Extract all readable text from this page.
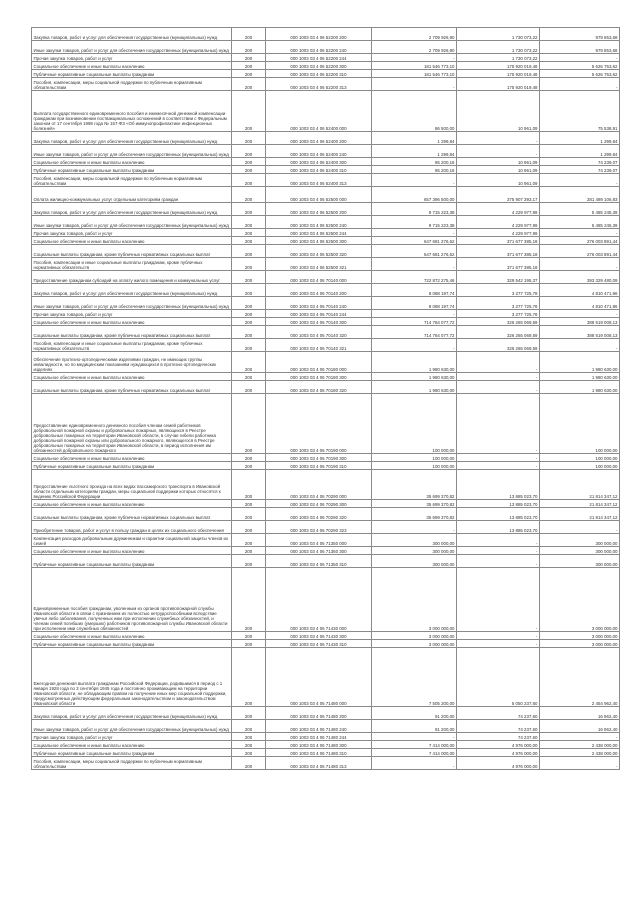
Закупка товаров, работ и услуг для обеспечения государственных (муниципальных) нужд	200	000 1003 03 4 06 52200 200	2 709 926,90	1 730 073,22	979 853,68
Иные закупки товаров, работ и услуг для обеспечения государственных (муниципальных) нужд	200	000 1003 03 4 06 52200 240	2 709 926,90	1 730 073,22	979 853,68
Прочая закупка товаров, работ и услуг	200	000 1003 03 4 06 52200 244	-	1 730 073,22	-
Социальное обеспечение и иные выплаты населению	200	000 1003 03 4 06 52200 300	181 546 773,10	175 920 019,48	5 626 753,62
Публичные нормативные социальные выплаты гражданам	200	000 1003 03 4 06 52200 310	181 546 773,10	175 920 019,48	5 626 753,62
Пособия, компенсации, меры социальной поддержки по публичным нормативным обязательствам	200	000 1003 03 4 06 52200 313	-	175 920 019,48	-
Выплата государственного единовременного пособия и ежемесячной денежной компенсации гражданам при возникновении поствакцинальных осложнений в соответствии с Федеральным законом от 17 сентября 1998 года № 157-ФЗ «Об иммунопрофилактике инфекционных болезней»	200	000 1003 03 4 06 52400 000	86 500,00	10 961,09	75 538,91
Закупка товаров, работ и услуг для обеспечения государственных (муниципальных) нужд	200	000 1003 03 4 06 52400 200	1 299,84	-	1 299,84
Иные закупки товаров, работ и услуг для обеспечения государственных (муниципальных) нужд	200	000 1003 03 4 06 52400 240	1 299,84	-	1 299,84
Социальное обеспечение и иные выплаты населению	200	000 1003 03 4 06 52400 300	85 200,16	10 961,09	74 239,07
Публичные нормативные социальные выплаты гражданам	200	000 1003 03 4 06 52400 310	85 200,16	10 961,09	74 239,07
Пособия, компенсации, меры социальной поддержки по публичным нормативным обязательствам	200	000 1003 03 4 06 52400 313	-	10 961,09	-
Оплата жилищно-коммунальных услуг отдельным категориям граждан	200	000 1003 03 4 06 52500 000	657 396 500,00	375 907 393,17	281 489 106,83
Закупка товаров, работ и услуг для обеспечения государственных (муниципальных) нужд	200	000 1003 03 4 06 52500 200	9 715 223,38	4 229 977,99	5 485 245,39
Иные закупки товаров, работ и услуг для обеспечения государственных (муниципальных) нужд	200	000 1003 03 4 06 52500 240	9 715 223,38	4 229 977,99	5 485 245,39
Прочая закупка товаров, работ и услуг	200	000 1003 03 4 06 52500 244	-	4 229 977,99	-
Социальное обеспечение и иные выплаты населению	200	000 1003 03 4 06 52500 300	647 681 276,62	371 677 385,18	276 003 891,44
Социальные выплаты гражданам, кроме публичных нормативных социальных выплат	200	000 1003 03 4 06 52500 320	647 681 276,62	371 677 385,18	276 003 891,44
Пособия, компенсации и иные социальные выплаты гражданам, кроме публичных нормативных обязательств	200	000 1003 03 4 06 52500 321	-	371 677 385,18	-
Предоставление гражданам субсидий на оплату жилого помещения и коммунальных услуг	200	000 1003 03 4 06 70140 000	722 872 275,46	329 542 195,37	393 329 480,09
Закупка товаров, работ и услуг для обеспечения государственных (муниципальных) нужд	200	000 1003 03 4 06 70140 200	8 088 197,74	3 277 725,78	4 810 471,96
Иные закупки товаров, работ и услуг для обеспечения государственных (муниципальных) нужд	200	000 1003 03 4 06 70140 240	8 088 197,74	3 277 725,78	4 810 471,96
Прочая закупка товаров, работ и услуг	200	000 1003 03 4 06 70140 244	-	3 277 725,78	-
Социальное обеспечение и иные выплаты населению	200	000 1003 03 4 06 70140 300	714 784 077,72	326 265 069,59	388 519 008,13
Социальные выплаты гражданам, кроме публичных нормативных социальных выплат	200	000 1003 03 4 06 70140 320	714 784 077,72	326 265 069,59	388 519 008,13
Пособия, компенсации и иные социальные выплаты гражданам, кроме публичных нормативных обязательств	200	000 1003 03 4 06 70140 321	-	326 265 069,59	-
Обеспечение протезно-ортопедическими изделиями граждан, не имеющих группы инвалидности, но по медицинским показаниям нуждающихся в протезно-ортопедических изделиях	200	000 1003 03 4 06 70180 000	1 980 630,00	-	1 980 630,00
Социальное обеспечение и иные выплаты населению	200	000 1003 03 4 06 70180 300	1 980 630,00	-	1 980 630,00
Социальные выплаты гражданам, кроме публичных нормативных социальных выплат	200	000 1003 03 4 06 70180 320	1 980 630,00	-	1 980 630,00
Предоставление единовременного денежного пособия членам семей работников добровольной пожарной охраны и добровольных пожарных, являющихся в Реестре добровольных пожарных на территории Ивановской области, в случае гибели работника добровольной пожарной охраны или добровольного пожарного, являющегося в Реестре добровольных пожарных на территории Ивановской области, в период исполнения им обязанностей добровольного пожарного	200	000 1003 03 4 06 70190 000	100 000,00	-	100 000,00
Социальное обеспечение и иные выплаты населению	200	000 1003 03 4 06 70190 300	100 000,00	-	100 000,00
Публичные нормативные социальные выплаты гражданам	200	000 1003 03 4 06 70190 310	100 000,00	-	100 000,00
Предоставление льготного проезда на всех видах пассажирского транспорта в Ивановской области отдельным категориям граждан, меры социальной поддержки которых относятся к ведению Российской Федерации	200	000 1003 03 4 06 70290 000	35 699 370,82	13 885 023,70	21 814 347,12
Социальное обеспечение и иные выплаты населению	200	000 1003 03 4 06 70290 300	35 699 370,82	13 885 023,70	21 814 347,12
Социальные выплаты гражданам, кроме публичных нормативных социальных выплат	200	000 1003 03 4 06 70290 320	35 699 370,82	13 885 023,70	21 814 347,12
Приобретение товаров, работ и услуг в пользу граждан в целях их социального обеспечения	200	000 1003 03 4 06 70290 323	-	13 885 023,70	-
Компенсация расходов добровольным дружинникам и гарантии социальной защиты членов их семей	200	000 1003 03 4 06 71350 000	300 000,00	-	300 000,00
Социальное обеспечение и иные выплаты населению	200	000 1003 03 4 06 71350 300	300 000,00	-	300 000,00
Публичные нормативные социальные выплаты гражданам	200	000 1003 03 4 06 71350 310	300 000,00	-	300 000,00
Единовременные пособия гражданам, уволенным из органов противопожарной службы Ивановской области в связи с признанием их полностью нетрудоспособными вследствие увечья либо заболевания, полученных ими при исполнении служебных обязанностей, и членам семей погибших (умерших) работников противопожарной службы Ивановской области при исполнении ими служебных обязанностей	200	000 1003 03 4 06 71430 000	3 000 000,00	-	3 000 000,00
Социальное обеспечение и иные выплаты населению	200	000 1003 03 4 06 71430 300	3 000 000,00	-	3 000 000,00
Публичные нормативные социальные выплаты гражданам	200	000 1003 03 4 06 71430 310	3 000 000,00	-	3 000 000,00
Ежегодная денежная выплата гражданам Российской Федерации, родившимся в период с 1 января 1928 года по 3 сентября 1945 года и постоянно проживающим на территории Ивановской области, не обладающим правом на получение иных мер социальной поддержки, предусмотренных действующим федеральным законодательством и законодательством Ивановской области	200	000 1003 03 4 06 71480 000	7 505 200,00	5 050 237,60	2 454 962,40
Закупка товаров, работ и услуг для обеспечения государственных (муниципальных) нужд	200	000 1003 03 4 06 71480 200	91 200,00	74 237,60	16 962,40
Иные закупки товаров, работ и услуг для обеспечения государственных (муниципальных) нужд	200	000 1003 03 4 06 71480 240	91 200,00	74 237,60	16 962,40
Прочая закупка товаров, работ и услуг	200	000 1003 03 4 06 71480 244	-	74 237,60	-
Социальное обеспечение и иные выплаты населению	200	000 1003 03 4 06 71480 300	7 414 000,00	4 976 000,00	2 438 000,00
Публичные нормативные социальные выплаты гражданам	200	000 1003 03 4 06 71480 310	7 414 000,00	4 976 000,00	2 438 000,00
Пособия, компенсации, меры социальной поддержки по публичным нормативным обязательствам	200	000 1003 03 4 06 71480 313	-	4 976 000,00	-
